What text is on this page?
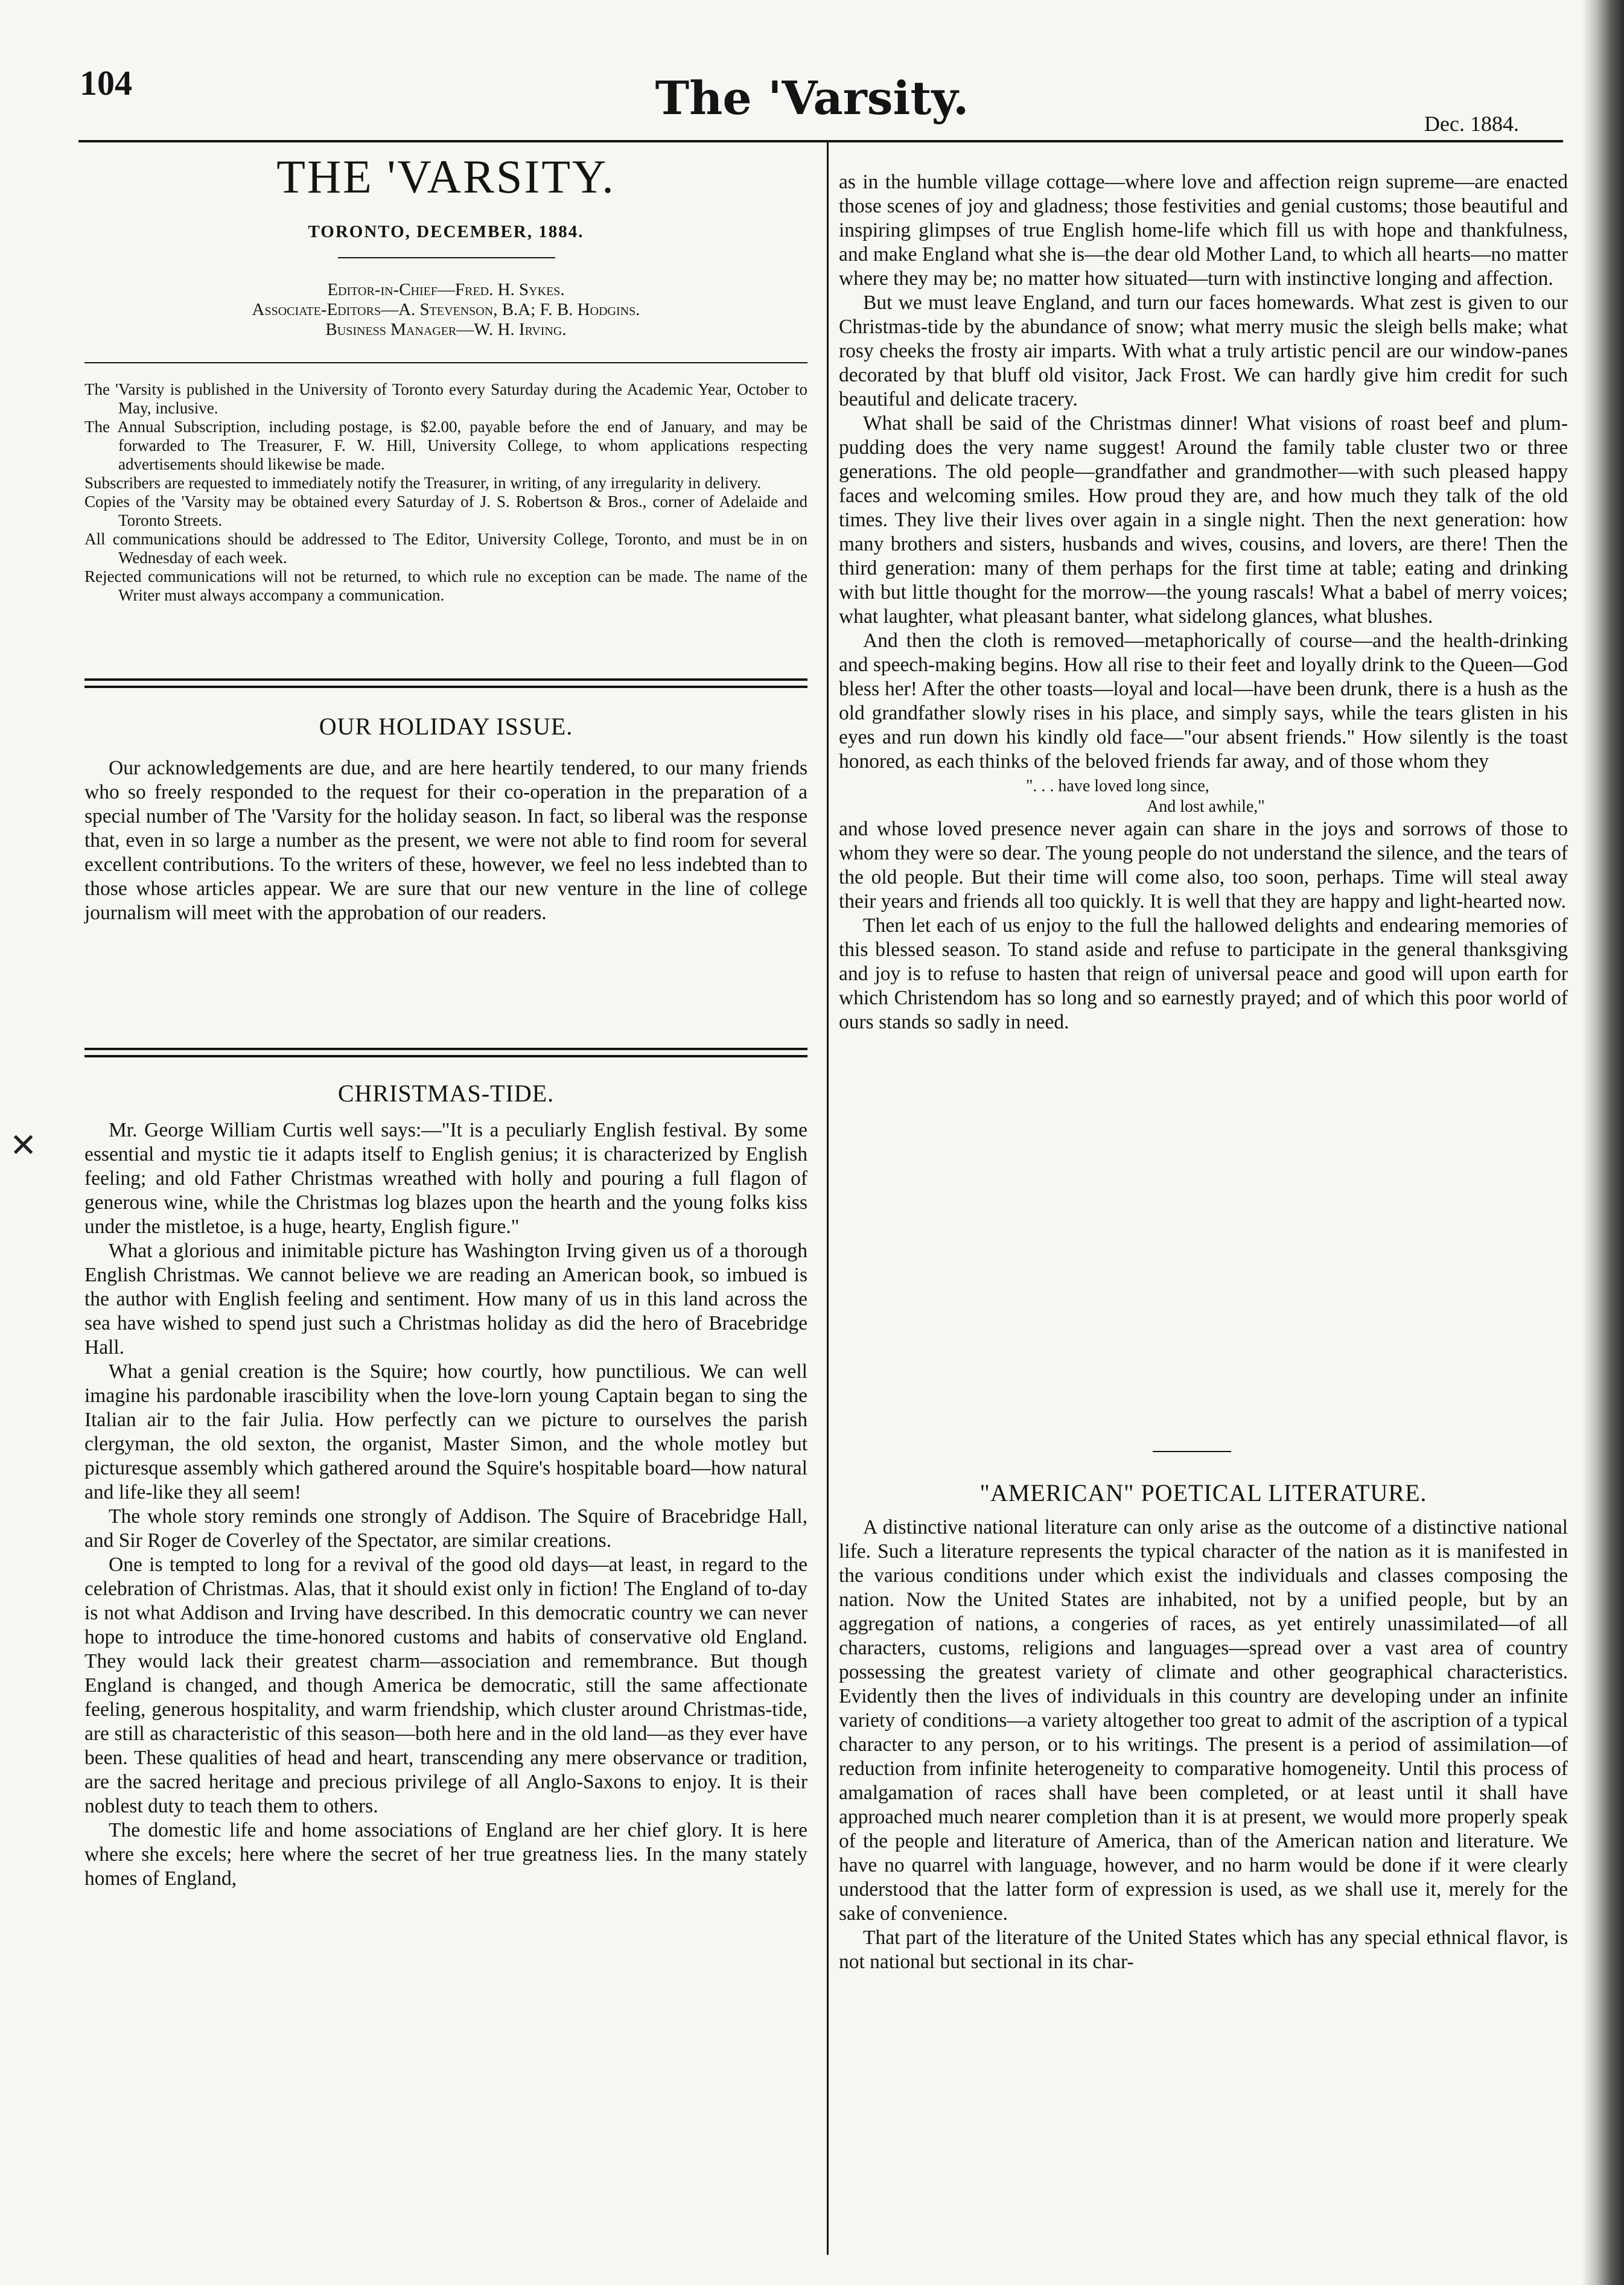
104	The 'Varsity.	Dec. 1884.
✕
THE 'VARSITY.
TORONTO, DECEMBER, 1884.
Editor-in-Chief—Fred. H. Sykes.
Associate-Editors—A. Stevenson, B.A; F. B. Hodgins.
Business Manager—W. H. Irving.

The 'Varsity is published in the University of Toronto every Saturday during the Academic Year, October to May, inclusive.

The Annual Subscription, including postage, is $2.00, payable before the end of January, and may be forwarded to The Treasurer, F. W. Hill, University College, to whom applications respecting advertisements should likewise be made.

Subscribers are requested to immediately notify the Treasurer, in writing, of any irregularity in delivery.

Copies of the 'Varsity may be obtained every Saturday of J. S. Robertson & Bros., corner of Adelaide and Toronto Streets.

All communications should be addressed to The Editor, University College, Toronto, and must be in on Wednesday of each week.

Rejected communications will not be returned, to which rule no exception can be made. The name of the Writer must always accompany a communication.

OUR HOLIDAY ISSUE.

Our acknowledgements are due, and are here heartily tendered, to our many friends who so freely responded to the request for their co-operation in the preparation of a special number of The 'Varsity for the holiday season. In fact, so liberal was the response that, even in so large a number as the present, we were not able to find room for several excellent contributions. To the writers of these, however, we feel no less indebted than to those whose articles appear. We are sure that our new venture in the line of college journalism will meet with the approbation of our readers.

CHRISTMAS-TIDE.

Mr. George William Curtis well says:—"It is a peculiarly English festival. By some essential and mystic tie it adapts itself to English genius; it is characterized by English feeling; and old Father Christmas wreathed with holly and pouring a full flagon of generous wine, while the Christmas log blazes upon the hearth and the young folks kiss under the mistletoe, is a huge, hearty, English figure."

What a glorious and inimitable picture has Washington Irving given us of a thorough English Christmas. We cannot believe we are reading an American book, so imbued is the author with English feeling and sentiment. How many of us in this land across the sea have wished to spend just such a Christmas holiday as did the hero of Bracebridge Hall.

What a genial creation is the Squire; how courtly, how punctilious. We can well imagine his pardonable irascibility when the love-lorn young Captain began to sing the Italian air to the fair Julia. How perfectly can we picture to ourselves the parish clergyman, the old sexton, the organist, Master Simon, and the whole motley but picturesque assembly which gathered around the Squire's hospitable board—how natural and life-like they all seem!

The whole story reminds one strongly of Addison. The Squire of Bracebridge Hall, and Sir Roger de Coverley of the Spectator, are similar creations.

One is tempted to long for a revival of the good old days—at least, in regard to the celebration of Christmas. Alas, that it should exist only in fiction! The England of to-day is not what Addison and Irving have described. In this democratic country we can never hope to introduce the time-honored customs and habits of conservative old England. They would lack their greatest charm—association and remembrance. But though England is changed, and though America be democratic, still the same affectionate feeling, generous hospitality, and warm friendship, which cluster around Christmas-tide, are still as characteristic of this season—both here and in the old land—as they ever have been. These qualities of head and heart, transcending any mere observance or tradition, are the sacred heritage and precious privilege of all Anglo-Saxons to enjoy. It is their noblest duty to teach them to others.

The domestic life and home associations of England are her chief glory. It is here where she excels; here where the secret of her true greatness lies. In the many stately homes of England,

as in the humble village cottage—where love and affection reign supreme—are enacted those scenes of joy and gladness; those festivities and genial customs; those beautiful and inspiring glimpses of true English home-life which fill us with hope and thankfulness, and make England what she is—the dear old Mother Land, to which all hearts—no matter where they may be; no matter how situated—turn with instinctive longing and affection.

But we must leave England, and turn our faces homewards. What zest is given to our Christmas-tide by the abundance of snow; what merry music the sleigh bells make; what rosy cheeks the frosty air imparts. With what a truly artistic pencil are our window-panes decorated by that bluff old visitor, Jack Frost. We can hardly give him credit for such beautiful and delicate tracery.

What shall be said of the Christmas dinner! What visions of roast beef and plum-pudding does the very name suggest! Around the family table cluster two or three generations. The old people—grandfather and grandmother—with such pleased happy faces and welcoming smiles. How proud they are, and how much they talk of the old times. They live their lives over again in a single night. Then the next generation: how many brothers and sisters, husbands and wives, cousins, and lovers, are there! Then the third generation: many of them perhaps for the first time at table; eating and drinking with but little thought for the morrow—the young rascals! What a babel of merry voices; what laughter, what pleasant banter, what sidelong glances, what blushes.

And then the cloth is removed—metaphorically of course—and the health-drinking and speech-making begins. How all rise to their feet and loyally drink to the Queen—God bless her! After the other toasts—loyal and local—have been drunk, there is a hush as the old grandfather slowly rises in his place, and simply says, while the tears glisten in his eyes and run down his kindly old face—"our absent friends." How silently is the toast honored, as each thinks of the beloved friends far away, and of those whom they

". . . have loved long since,

And lost awhile,"

and whose loved presence never again can share in the joys and sorrows of those to whom they were so dear. The young people do not understand the silence, and the tears of the old people. But their time will come also, too soon, perhaps. Time will steal away their years and friends all too quickly. It is well that they are happy and light-hearted now.

Then let each of us enjoy to the full the hallowed delights and endearing memories of this blessed season. To stand aside and refuse to participate in the general thanksgiving and joy is to refuse to hasten that reign of universal peace and good will upon earth for which Christendom has so long and so earnestly prayed; and of which this poor world of ours stands so sadly in need.

"AMERICAN" POETICAL LITERATURE.

A distinctive national literature can only arise as the outcome of a distinctive national life. Such a literature represents the typical character of the nation as it is manifested in the various conditions under which exist the individuals and classes composing the nation. Now the United States are inhabited, not by a unified people, but by an aggregation of nations, a congeries of races, as yet entirely unassimilated—of all characters, customs, religions and languages—spread over a vast area of country possessing the greatest variety of climate and other geographical characteristics. Evidently then the lives of individuals in this country are developing under an infinite variety of conditions—a variety altogether too great to admit of the ascription of a typical character to any person, or to his writings. The present is a period of assimilation—of reduction from infinite heterogeneity to comparative homogeneity. Until this process of amalgamation of races shall have been completed, or at least until it shall have approached much nearer completion than it is at present, we would more properly speak of the people and literature of America, than of the American nation and literature. We have no quarrel with language, however, and no harm would be done if it were clearly understood that the latter form of expression is used, as we shall use it, merely for the sake of convenience.

That part of the literature of the United States which has any special ethnical flavor, is not national but sectional in its char-
